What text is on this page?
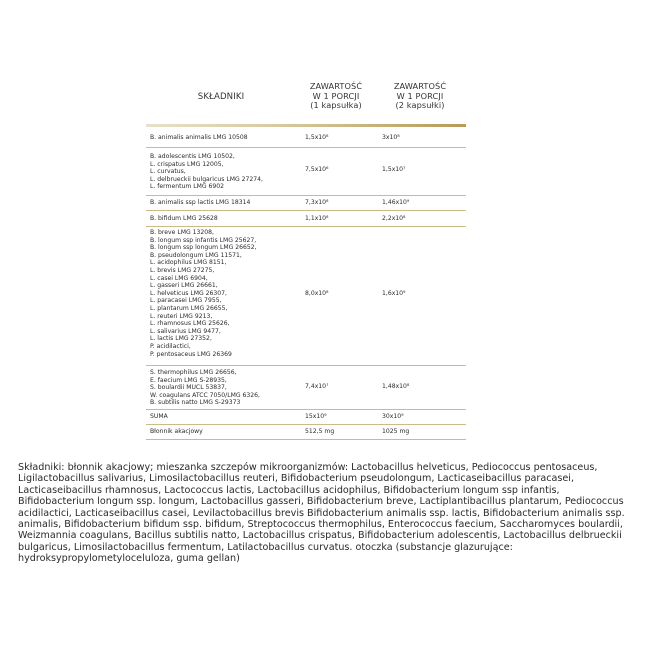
SKŁADNIKI
ZAWARTOŚĆ
W 1 PORCJI
(1 kapsułka)
ZAWARTOŚĆ
W 1 PORCJI
(2 kapsułki)
B. animalis animalis LMG 10508	1,5x10⁸	3x10⁸
B. adolescentis LMG 10502,
L. crispatus LMG 12005,
L. curvatus,
L. delbrueckii bulgaricus LMG 27274,
L. fermentum LMG 6902
7,5x10⁶	1,5x10⁷
B. animalis ssp lactis LMG 18314	7,3x10⁸	1,46x10⁹
B. bifidum LMG 25628	1,1x10⁸	2,2x10⁸
B. breve LMG 13208,
B. longum ssp infantis LMG 25627,
B. longum ssp longum LMG 26652,
B. pseudolongum LMG 11571,
L. acidophilus LMG 8151,
L. brevis LMG 27275,
L. casei LMG 6904,
L. gasseri LMG 26661,
L. helveticus LMG 26307,
L. paracasei LMG 7955,
L. plantarum LMG 26655,
L. reuteri LMG 9213,
L. rhamnosus LMG 25626,
L. salivarius LMG 9477,
L. lactis LMG 27352,
P. acidilactici,
P. pentosaceus LMG 26369
8,0x10⁸	1,6x10⁹
S. thermophilus LMG 26656,
E. faecium LMG S-28935,
S. boulardii MUCL 53837,
W. coagulans ATCC 7050/LMG 6326,
B. subtilis natto LMG S-29373
7,4x10⁷	1,48x10⁸
SUMA	15x10⁹	30x10⁹
Błonnik akacjowy	512,5 mg	1025 mg
Składniki: błonnik akacjowy; mieszanka szczepów mikroorganizmów: Lactobacillus helveticus, Pediococcus pentosaceus, Ligilactobacillus salivarius, Limosilactobacillus reuteri, Bifidobacterium pseudolongum, Lacticaseibacillus paracasei, Lacticaseibacillus rhamnosus, Lactococcus lactis, Lactobacillus acidophilus, Bifidobacterium longum ssp infantis, Bifidobacterium longum ssp. longum, Lactobacillus gasseri, Bifidobacterium breve, Lactiplantibacillus plantarum, Pediococcus acidilactici, Lacticaseibacillus casei, Levilactobacillus brevis Bifidobacterium animalis ssp. lactis, Bifidobacterium animalis ssp. animalis, Bifidobacterium bifidum ssp. bifidum, Streptococcus thermophilus, Enterococcus faecium, Saccharomyces boulardii, Weizmannia coagulans, Bacillus subtilis natto, Lactobacillus crispatus, Bifidobacterium adolescentis, Lactobacillus delbrueckii bulgaricus, Limosilactobacillus fermentum, Latilactobacillus curvatus. otoczka (substancje glazurujące: hydroksypropylometyloceluloza, guma gellan)
